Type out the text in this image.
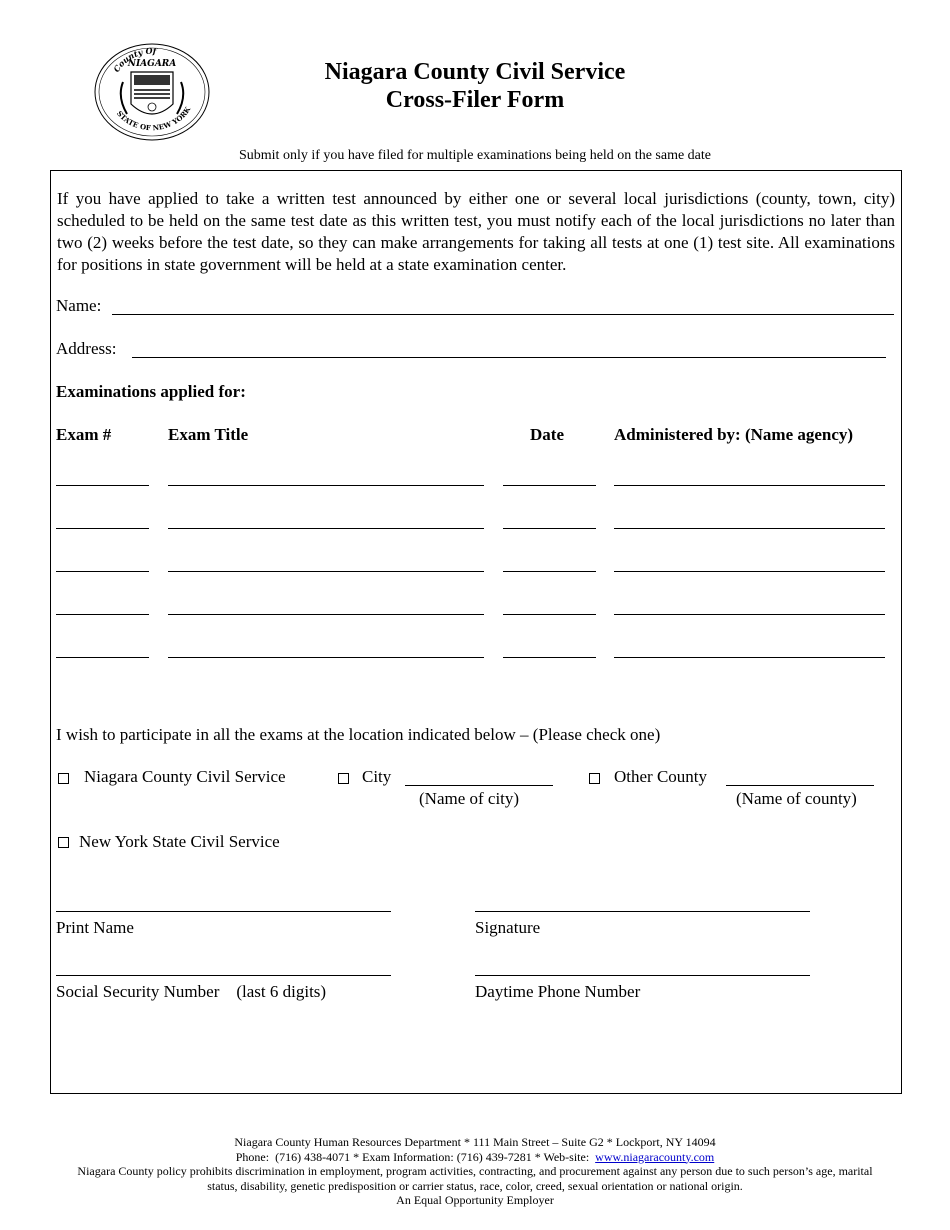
County Of
NIAGARA
STATE OF NEW YORK
Niagara County Civil Service
Cross-Filer Form
Submit only if you have filed for multiple examinations being held on the same date
If you have applied to take a written test announced by either one or several local jurisdictions (county, town, city) scheduled to be held on the same test date as this written test, you must notify each of the local jurisdictions no later than two (2) weeks before the test date, so they can make arrangements for taking all tests at one (1) test site. All examinations for positions in state government will be held at a state examination center.
Name:
Address:
Examinations applied for:
Exam #	Exam Title	Date	Administered by: (Name agency)
I wish to participate in all the exams at the location indicated below – (Please check one)
Niagara County Civil Service	City
(Name of city)
Other County
(Name of county)
New York State Civil Service
Print Name	Signature
Social Security Number    (last 6 digits)	Daytime Phone Number
Niagara County Human Resources Department * 111 Main Street – Suite G2 * Lockport, NY 14094
Phone:  (716) 438-4071 * Exam Information: (716) 439-7281 * Web-site:  www.niagaracounty.com
Niagara County policy prohibits discrimination in employment, program activities, contracting, and procurement against any person due to such person’s age, marital status, disability, genetic predisposition or carrier status, race, color, creed, sexual orientation or national origin.
An Equal Opportunity Employer
